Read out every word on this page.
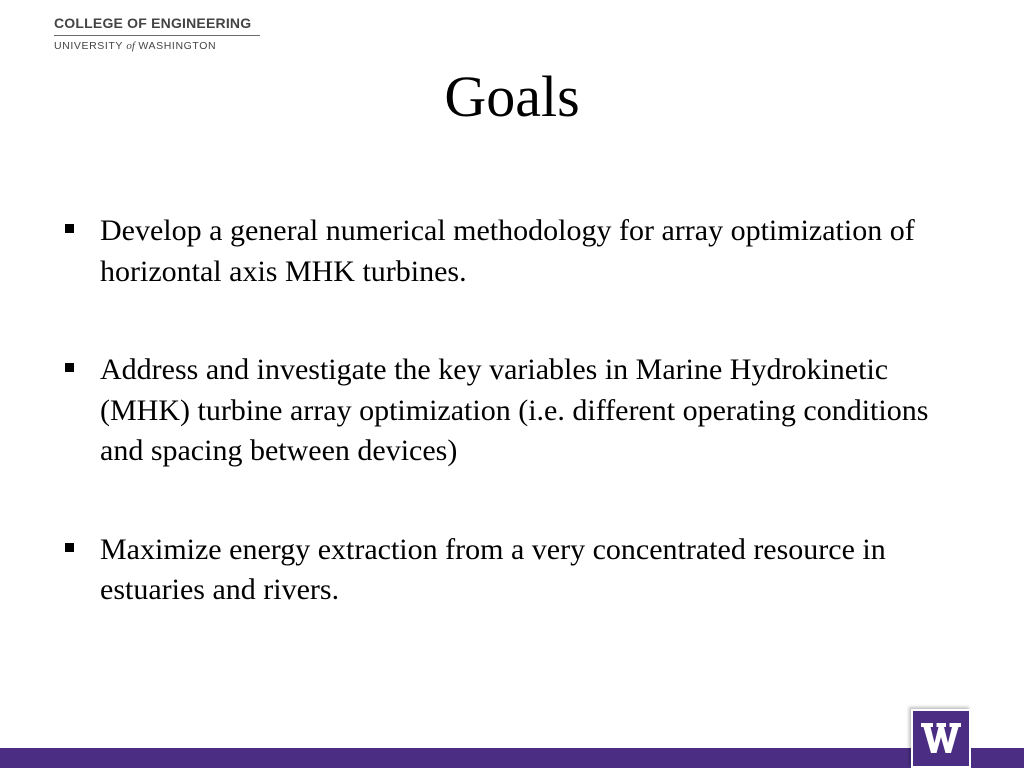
COLLEGE OF ENGINEERING
UNIVERSITY of WASHINGTON
Goals
Develop a general numerical methodology for array optimization of horizontal axis MHK turbines.
Address and investigate the key variables in Marine Hydrokinetic (MHK) turbine array optimization (i.e. different operating conditions and spacing between devices)
Maximize energy extraction from a very concentrated resource in estuaries and rivers.
